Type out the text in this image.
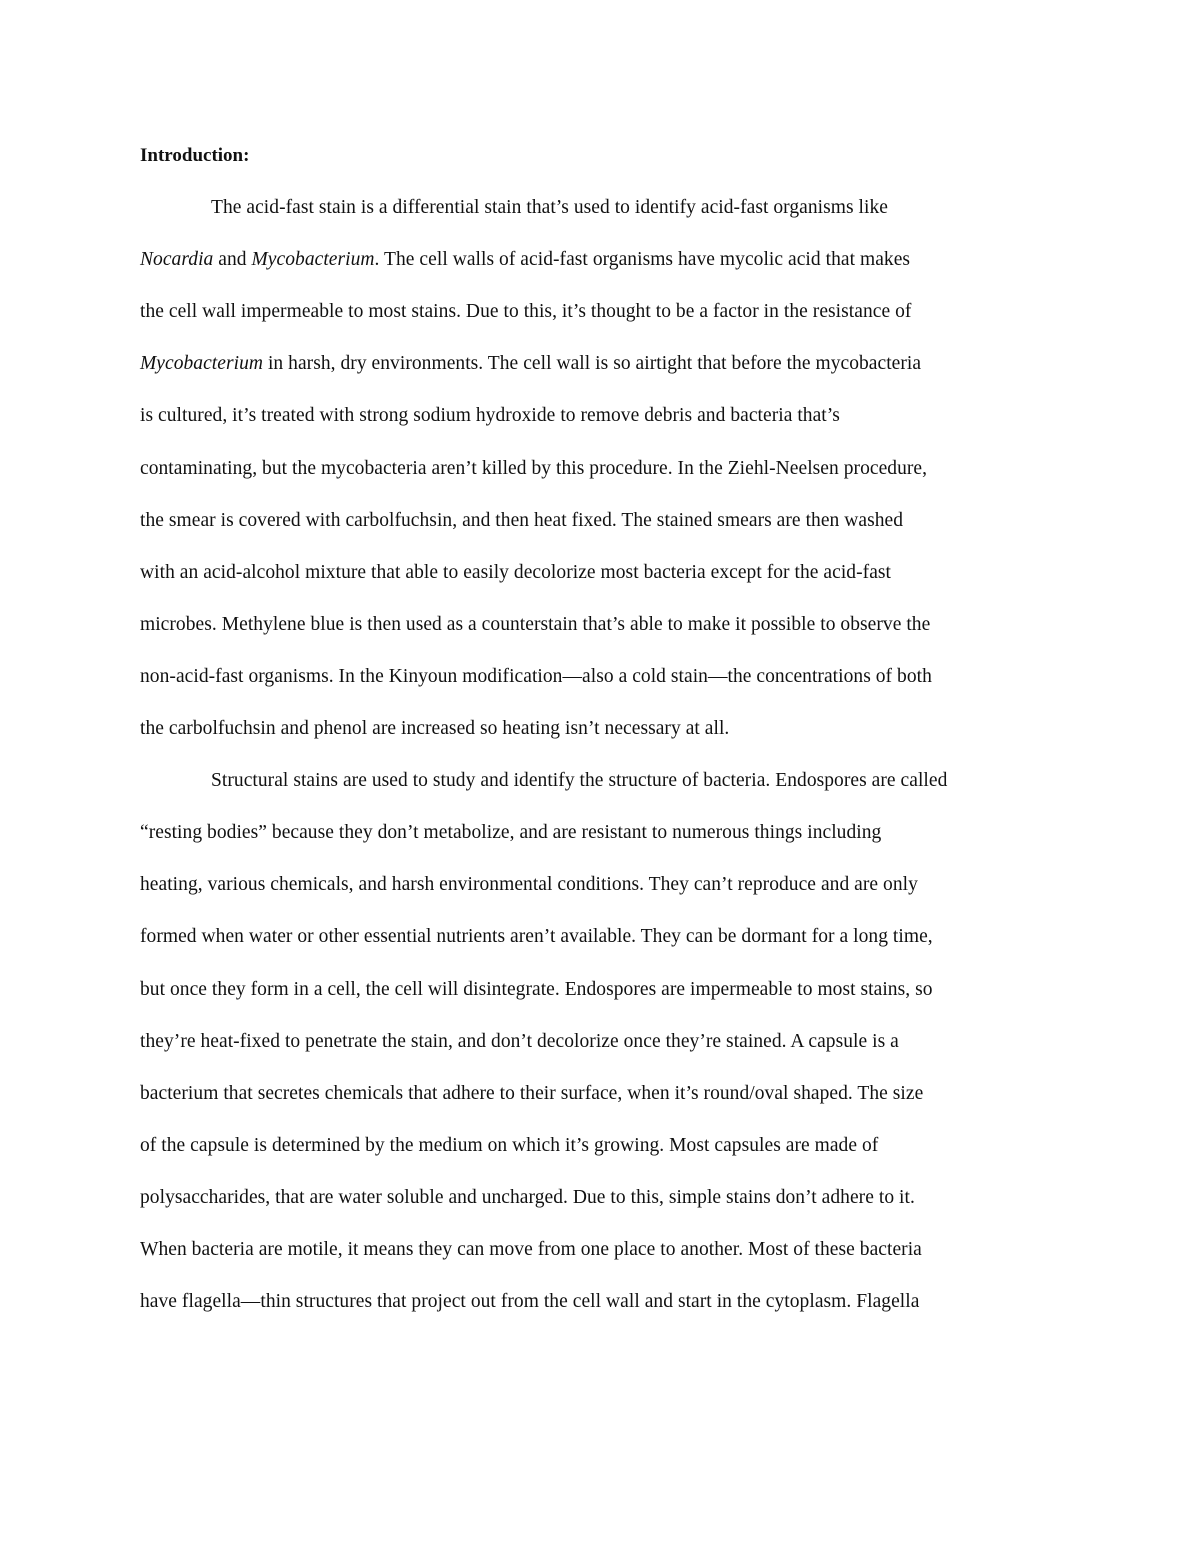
Introduction:
The acid-fast stain is a differential stain that’s used to identify acid-fast organisms like
Nocardia and Mycobacterium. The cell walls of acid-fast organisms have mycolic acid that makes
the cell wall impermeable to most stains. Due to this, it’s thought to be a factor in the resistance of
Mycobacterium in harsh, dry environments. The cell wall is so airtight that before the mycobacteria
is cultured, it’s treated with strong sodium hydroxide to remove debris and bacteria that’s
contaminating, but the mycobacteria aren’t killed by this procedure. In the Ziehl-Neelsen procedure,
the smear is covered with carbolfuchsin, and then heat fixed. The stained smears are then washed
with an acid-alcohol mixture that able to easily decolorize most bacteria except for the acid-fast
microbes. Methylene blue is then used as a counterstain that’s able to make it possible to observe the
non-acid-fast organisms. In the Kinyoun modification—also a cold stain—the concentrations of both
the carbolfuchsin and phenol are increased so heating isn’t necessary at all.
Structural stains are used to study and identify the structure of bacteria. Endospores are called
“resting bodies” because they don’t metabolize, and are resistant to numerous things including
heating, various chemicals, and harsh environmental conditions. They can’t reproduce and are only
formed when water or other essential nutrients aren’t available. They can be dormant for a long time,
but once they form in a cell, the cell will disintegrate. Endospores are impermeable to most stains, so
they’re heat-fixed to penetrate the stain, and don’t decolorize once they’re stained. A capsule is a
bacterium that secretes chemicals that adhere to their surface, when it’s round/oval shaped. The size
of the capsule is determined by the medium on which it’s growing. Most capsules are made of
polysaccharides, that are water soluble and uncharged. Due to this, simple stains don’t adhere to it.
When bacteria are motile, it means they can move from one place to another. Most of these bacteria
have flagella—thin structures that project out from the cell wall and start in the cytoplasm. Flagella
